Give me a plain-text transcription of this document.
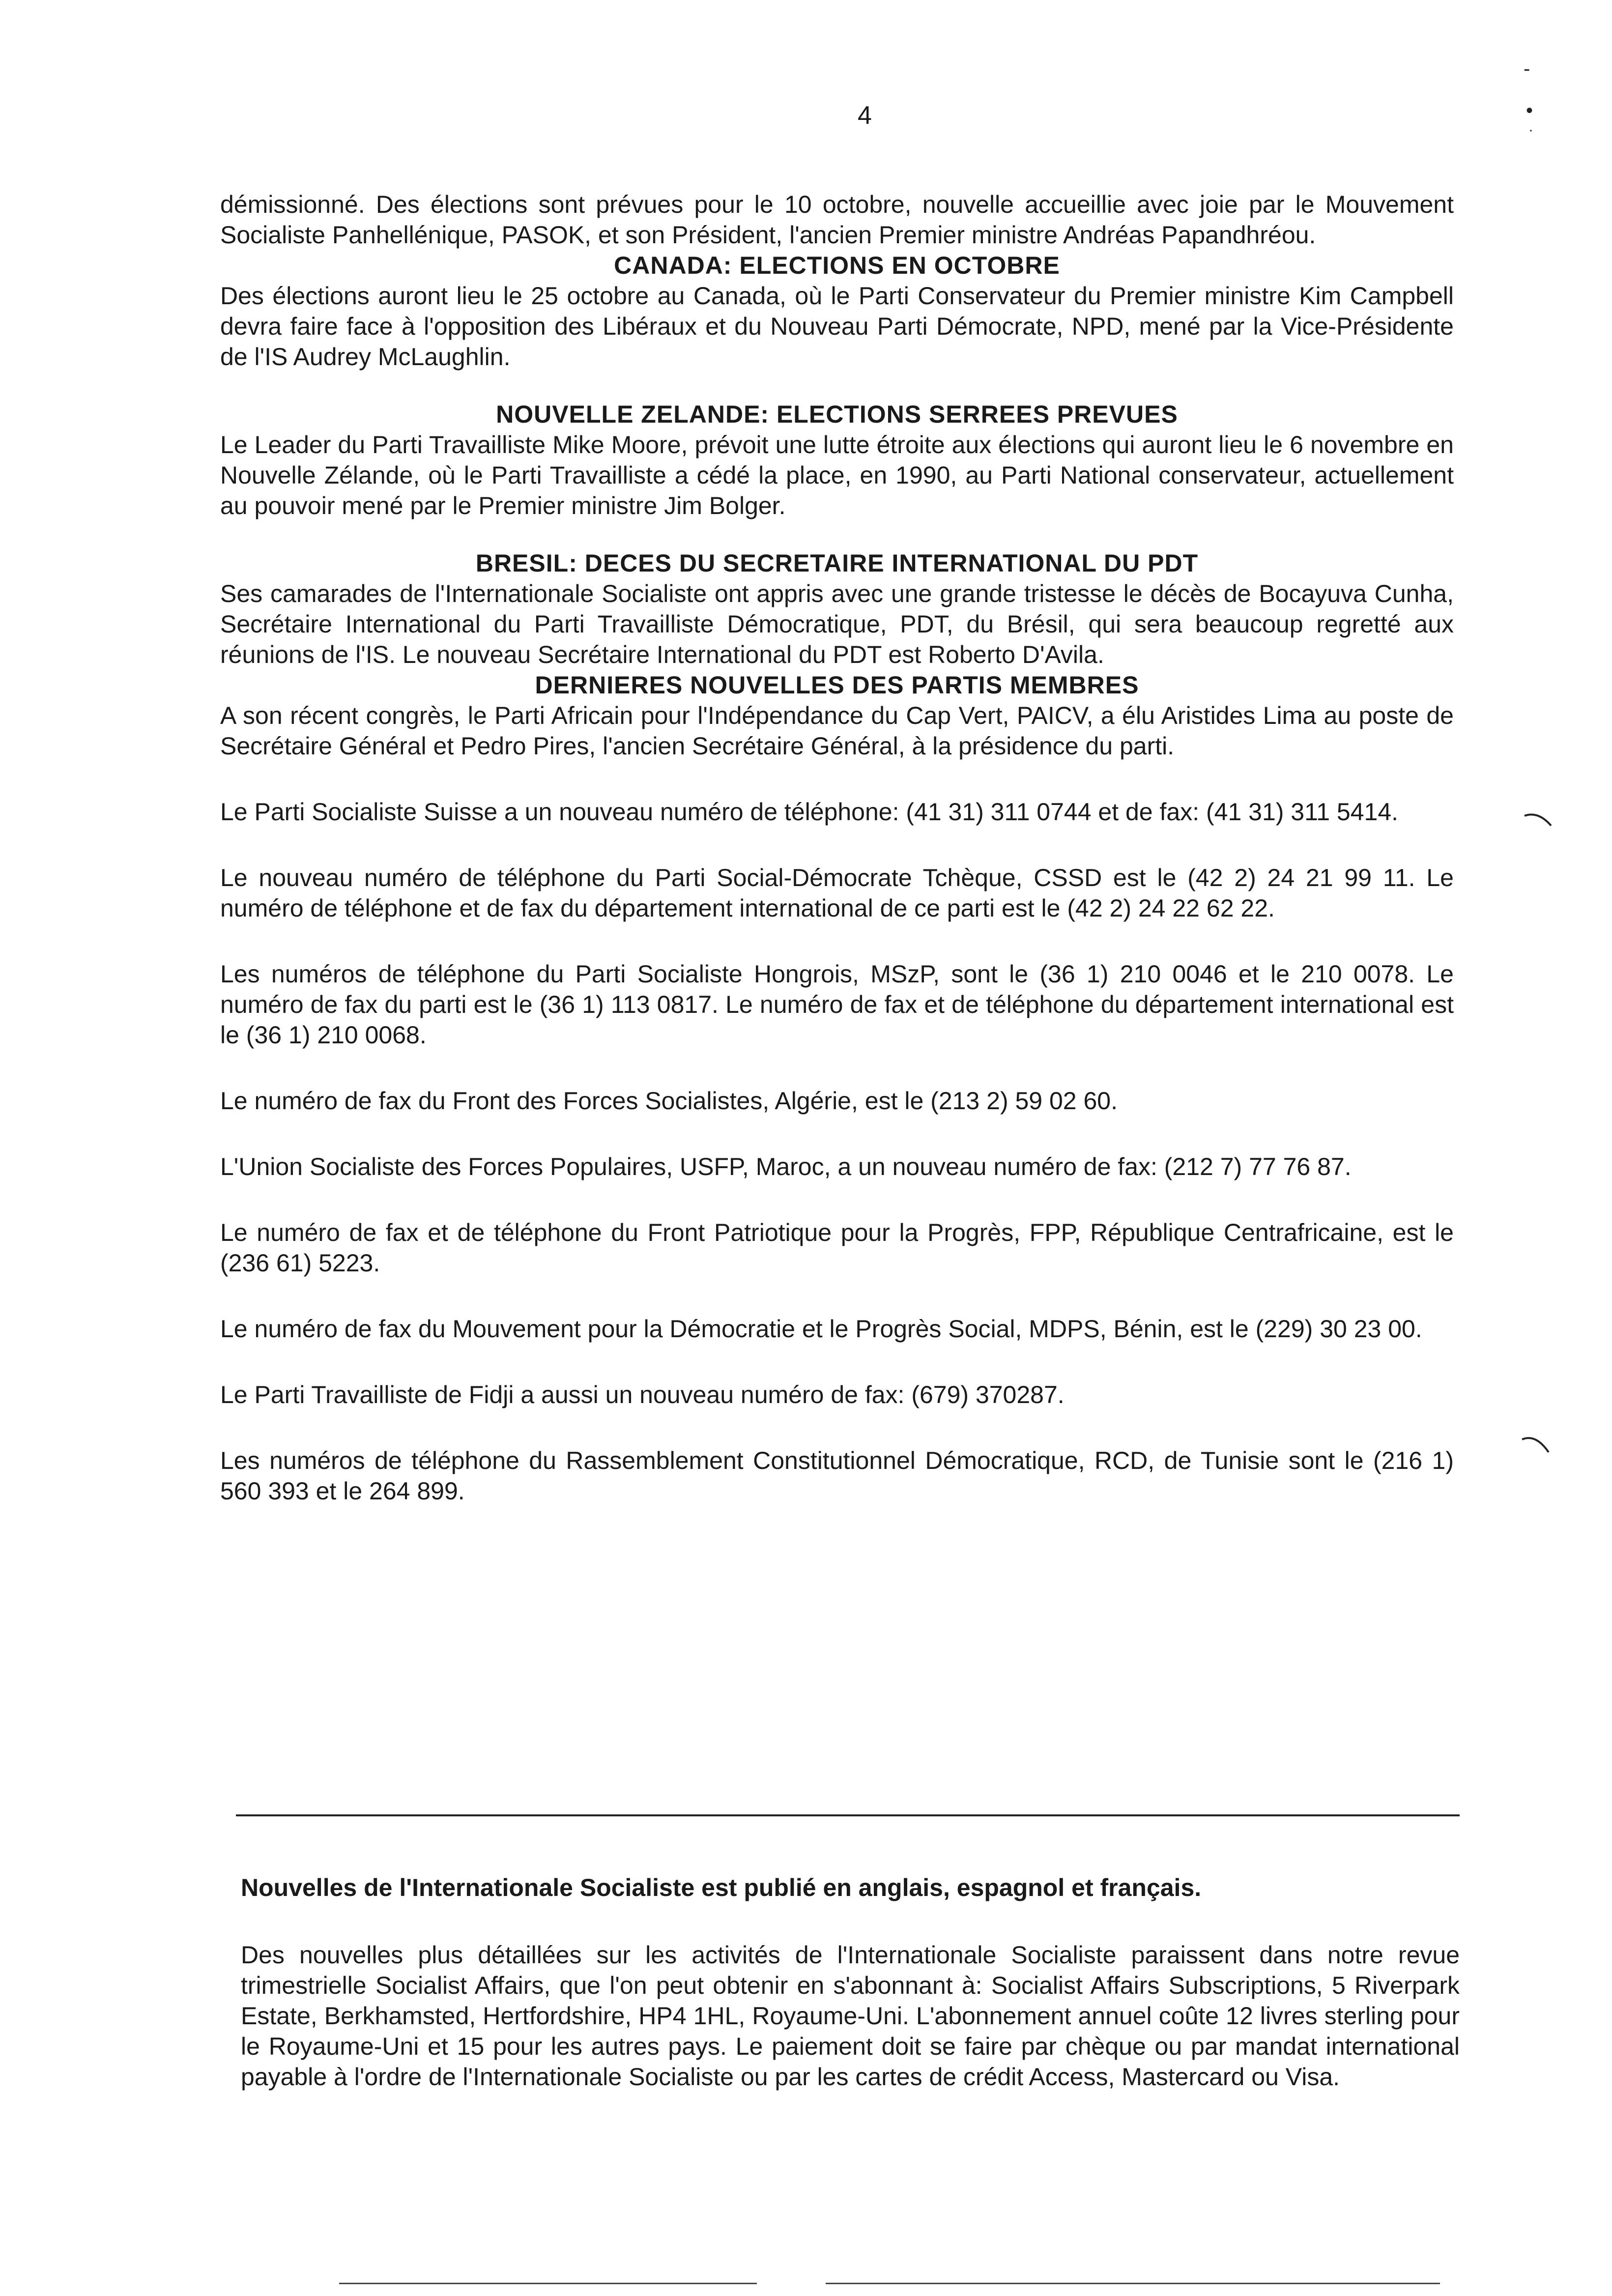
4
-
•
·

démissionné. Des élections sont prévues pour le 10 octobre, nouvelle accueillie avec joie par le Mouvement Socialiste Panhellénique, PASOK, et son Président, l'ancien Premier ministre Andréas Papandhréou.

CANADA: ELECTIONS EN OCTOBRE

Des élections auront lieu le 25 octobre au Canada, où le Parti Conservateur du Premier ministre Kim Campbell devra faire face à l'opposition des Libéraux et du Nouveau Parti Démocrate, NPD, mené par la Vice-Présidente de l'IS Audrey McLaughlin.

NOUVELLE ZELANDE: ELECTIONS SERREES PREVUES

Le Leader du Parti Travailliste Mike Moore, prévoit une lutte étroite aux élections qui auront lieu le 6 novembre en Nouvelle Zélande, où le Parti Travailliste a cédé la place, en 1990, au Parti National conservateur, actuellement au pouvoir mené par le Premier ministre Jim Bolger.

BRESIL: DECES DU SECRETAIRE INTERNATIONAL DU PDT

Ses camarades de l'Internationale Socialiste ont appris avec une grande tristesse le décès de Bocayuva Cunha, Secrétaire International du Parti Travailliste Démocratique, PDT, du Brésil, qui sera beaucoup regretté aux réunions de l'IS. Le nouveau Secrétaire International du PDT est Roberto D'Avila.

DERNIERES NOUVELLES DES PARTIS MEMBRES

A son récent congrès, le Parti Africain pour l'Indépendance du Cap Vert, PAICV, a élu Aristides Lima au poste de Secrétaire Général et Pedro Pires, l'ancien Secrétaire Général, à la présidence du parti.

Le Parti Socialiste Suisse a un nouveau numéro de téléphone: (41 31) 311 0744 et de fax: (41 31) 311 5414.

Le nouveau numéro de téléphone du Parti Social-Démocrate Tchèque, CSSD est le (42 2) 24 21 99 11. Le numéro de téléphone et de fax du département international de ce parti est le (42 2) 24 22 62 22.

Les numéros de téléphone du Parti Socialiste Hongrois, MSzP, sont le (36 1) 210 0046 et le 210 0078. Le numéro de fax du parti est le (36 1) 113 0817. Le numéro de fax et de téléphone du département international est le (36 1) 210 0068.

Le numéro de fax du Front des Forces Socialistes, Algérie, est le (213 2) 59 02 60.

L'Union Socialiste des Forces Populaires, USFP, Maroc, a un nouveau numéro de fax: (212 7) 77 76 87.

Le numéro de fax et de téléphone du Front Patriotique pour la Progrès, FPP, République Centrafricaine, est le (236 61) 5223.

Le numéro de fax du Mouvement pour la Démocratie et le Progrès Social, MDPS, Bénin, est le (229) 30 23 00.

Le Parti Travailliste de Fidji a aussi un nouveau numéro de fax: (679) 370287.

Les numéros de téléphone du Rassemblement Constitutionnel Démocratique, RCD, de Tunisie sont le (216 1) 560 393 et le 264 899.

Nouvelles de l'Internationale Socialiste est publié en anglais, espagnol et français.

Des nouvelles plus détaillées sur les activités de l'Internationale Socialiste paraissent dans notre revue trimestrielle Socialist Affairs, que l'on peut obtenir en s'abonnant à: Socialist Affairs Subscriptions, 5 Riverpark Estate, Berkhamsted, Hertfordshire, HP4 1HL, Royaume-Uni. L'abonnement annuel coûte 12 livres sterling pour le Royaume-Uni et 15 pour les autres pays. Le paiement doit se faire par chèque ou par mandat international payable à l'ordre de l'Internationale Socialiste ou par les cartes de crédit Access, Mastercard ou Visa.
